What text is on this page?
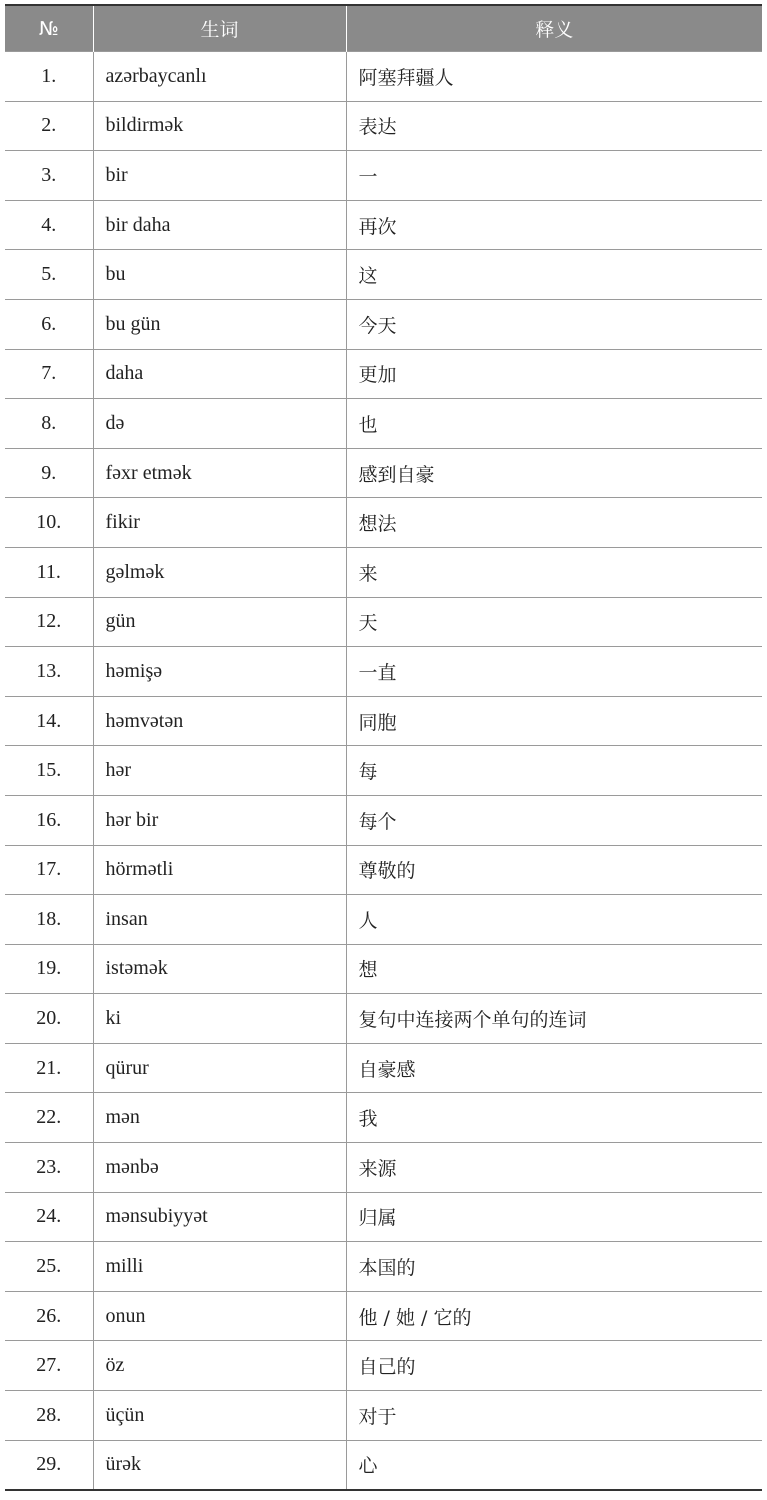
№	生词	释义
1.	azərbaycanlı	阿塞拜疆人
2.	bildirmək	表达
3.	bir	一
4.	bir daha	再次
5.	bu	这
6.	bu gün	今天
7.	daha	更加
8.	də	也
9.	fəxr etmək	感到自豪
10.	fikir	想法
11.	gəlmək	来
12.	gün	天
13.	həmişə	一直
14.	həmvətən	同胞
15.	hər	每
16.	hər bir	每个
17.	hörmətli	尊敬的
18.	insan	人
19.	istəmək	想
20.	ki	复句中连接两个单句的连词
21.	qürur	自豪感
22.	mən	我
23.	mənbə	来源
24.	mənsubiyyət	归属
25.	milli	本国的
26.	onun	他 / 她 / 它的
27.	öz	自己的
28.	üçün	对于
29.	ürək	心
